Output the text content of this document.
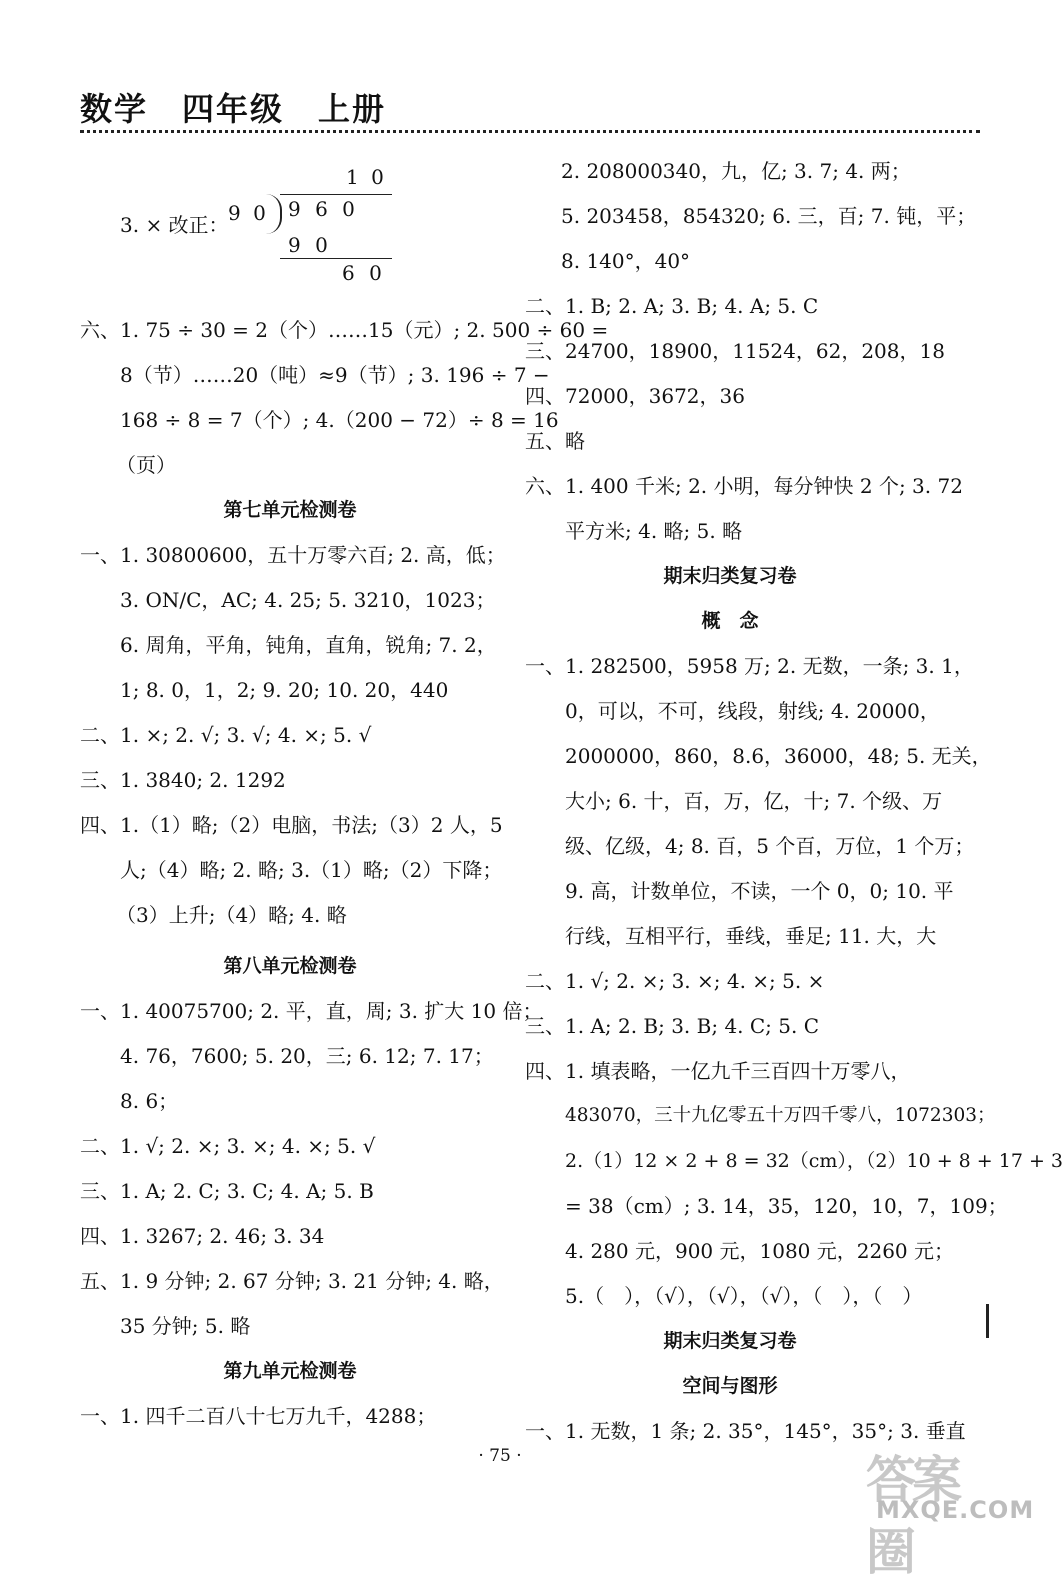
数学　四年级　上册
3. × 改正：
1 0
9 0 9 6 0
9 0
6 0
六、1. 75 ÷ 30 = 2（个）……15（元）; 2. 500 ÷ 60 =
8（节）……20（吨）≈9（节）; 3. 196 ÷ 7 −
168 ÷ 8 = 7（个）; 4.（200 − 72）÷ 8 = 16
（页）
第七单元检测卷
一、1. 30800600，五十万零六百; 2. 高，低；
3. ON/C，AC; 4. 25; 5. 3210，1023；
6. 周角，平角，钝角，直角，锐角; 7. 2，
1; 8. 0，1，2; 9. 20; 10. 20，440
二、1. ×; 2. √; 3. √; 4. ×; 5. √
三、1. 3840; 2. 1292
四、1.（1）略;（2）电脑，书法;（3）2 人，5
人;（4）略; 2. 略; 3.（1）略;（2）下降；
（3）上升;（4）略; 4. 略
第八单元检测卷
一、1. 40075700; 2. 平，直，周; 3. 扩大 10 倍；
4. 76，7600; 5. 20，三; 6. 12; 7. 17；
8. 6；
二、1. √; 2. ×; 3. ×; 4. ×; 5. √
三、1. A; 2. C; 3. C; 4. A; 5. B
四、1. 3267; 2. 46; 3. 34
五、1. 9 分钟; 2. 67 分钟; 3. 21 分钟; 4. 略，
35 分钟; 5. 略
第九单元检测卷
一、1. 四千二百八十七万九千，4288；
2. 208000340，九，亿; 3. 7; 4. 两；
5. 203458，854320; 6. 三，百; 7. 钝，平；
8. 140°，40°
二、1. B; 2. A; 3. B; 4. A; 5. C
三、24700，18900，11524，62，208，18
四、72000，3672，36
五、略
六、1. 400 千米; 2. 小明，每分钟快 2 个; 3. 72
平方米; 4. 略; 5. 略
期末归类复习卷
概　念
一、1. 282500，5958 万; 2. 无数，一条; 3. 1，
0，可以，不可，线段，射线; 4. 20000，
2000000，860，8.6，36000，48; 5. 无关，
大小; 6. 十，百，万，亿，十; 7. 个级、万
级、亿级，4; 8. 百，5 个百，万位，1 个万；
9. 高，计数单位，不读，一个 0，0; 10. 平
行线，互相平行，垂线，垂足; 11. 大，大
二、1. √; 2. ×; 3. ×; 4. ×; 5. ×
三、1. A; 2. B; 3. B; 4. C; 5. C
四、1. 填表略，一亿九千三百四十万零八，
483070，三十九亿零五十万四千零八，1072303；
2.（1）12 × 2 + 8 = 32（cm），（2）10 + 8 + 17 + 3
= 38（cm）; 3. 14，35，120，10，7，109；
4. 280 元，900 元，1080 元，2260 元；
5.（　），（√），（√），（√），（　），（　）
期末归类复习卷
空间与图形
一、1. 无数，1 条; 2. 35°，145°，35°; 3. 垂直
· 75 ·	答案圈
MXQE.COM
